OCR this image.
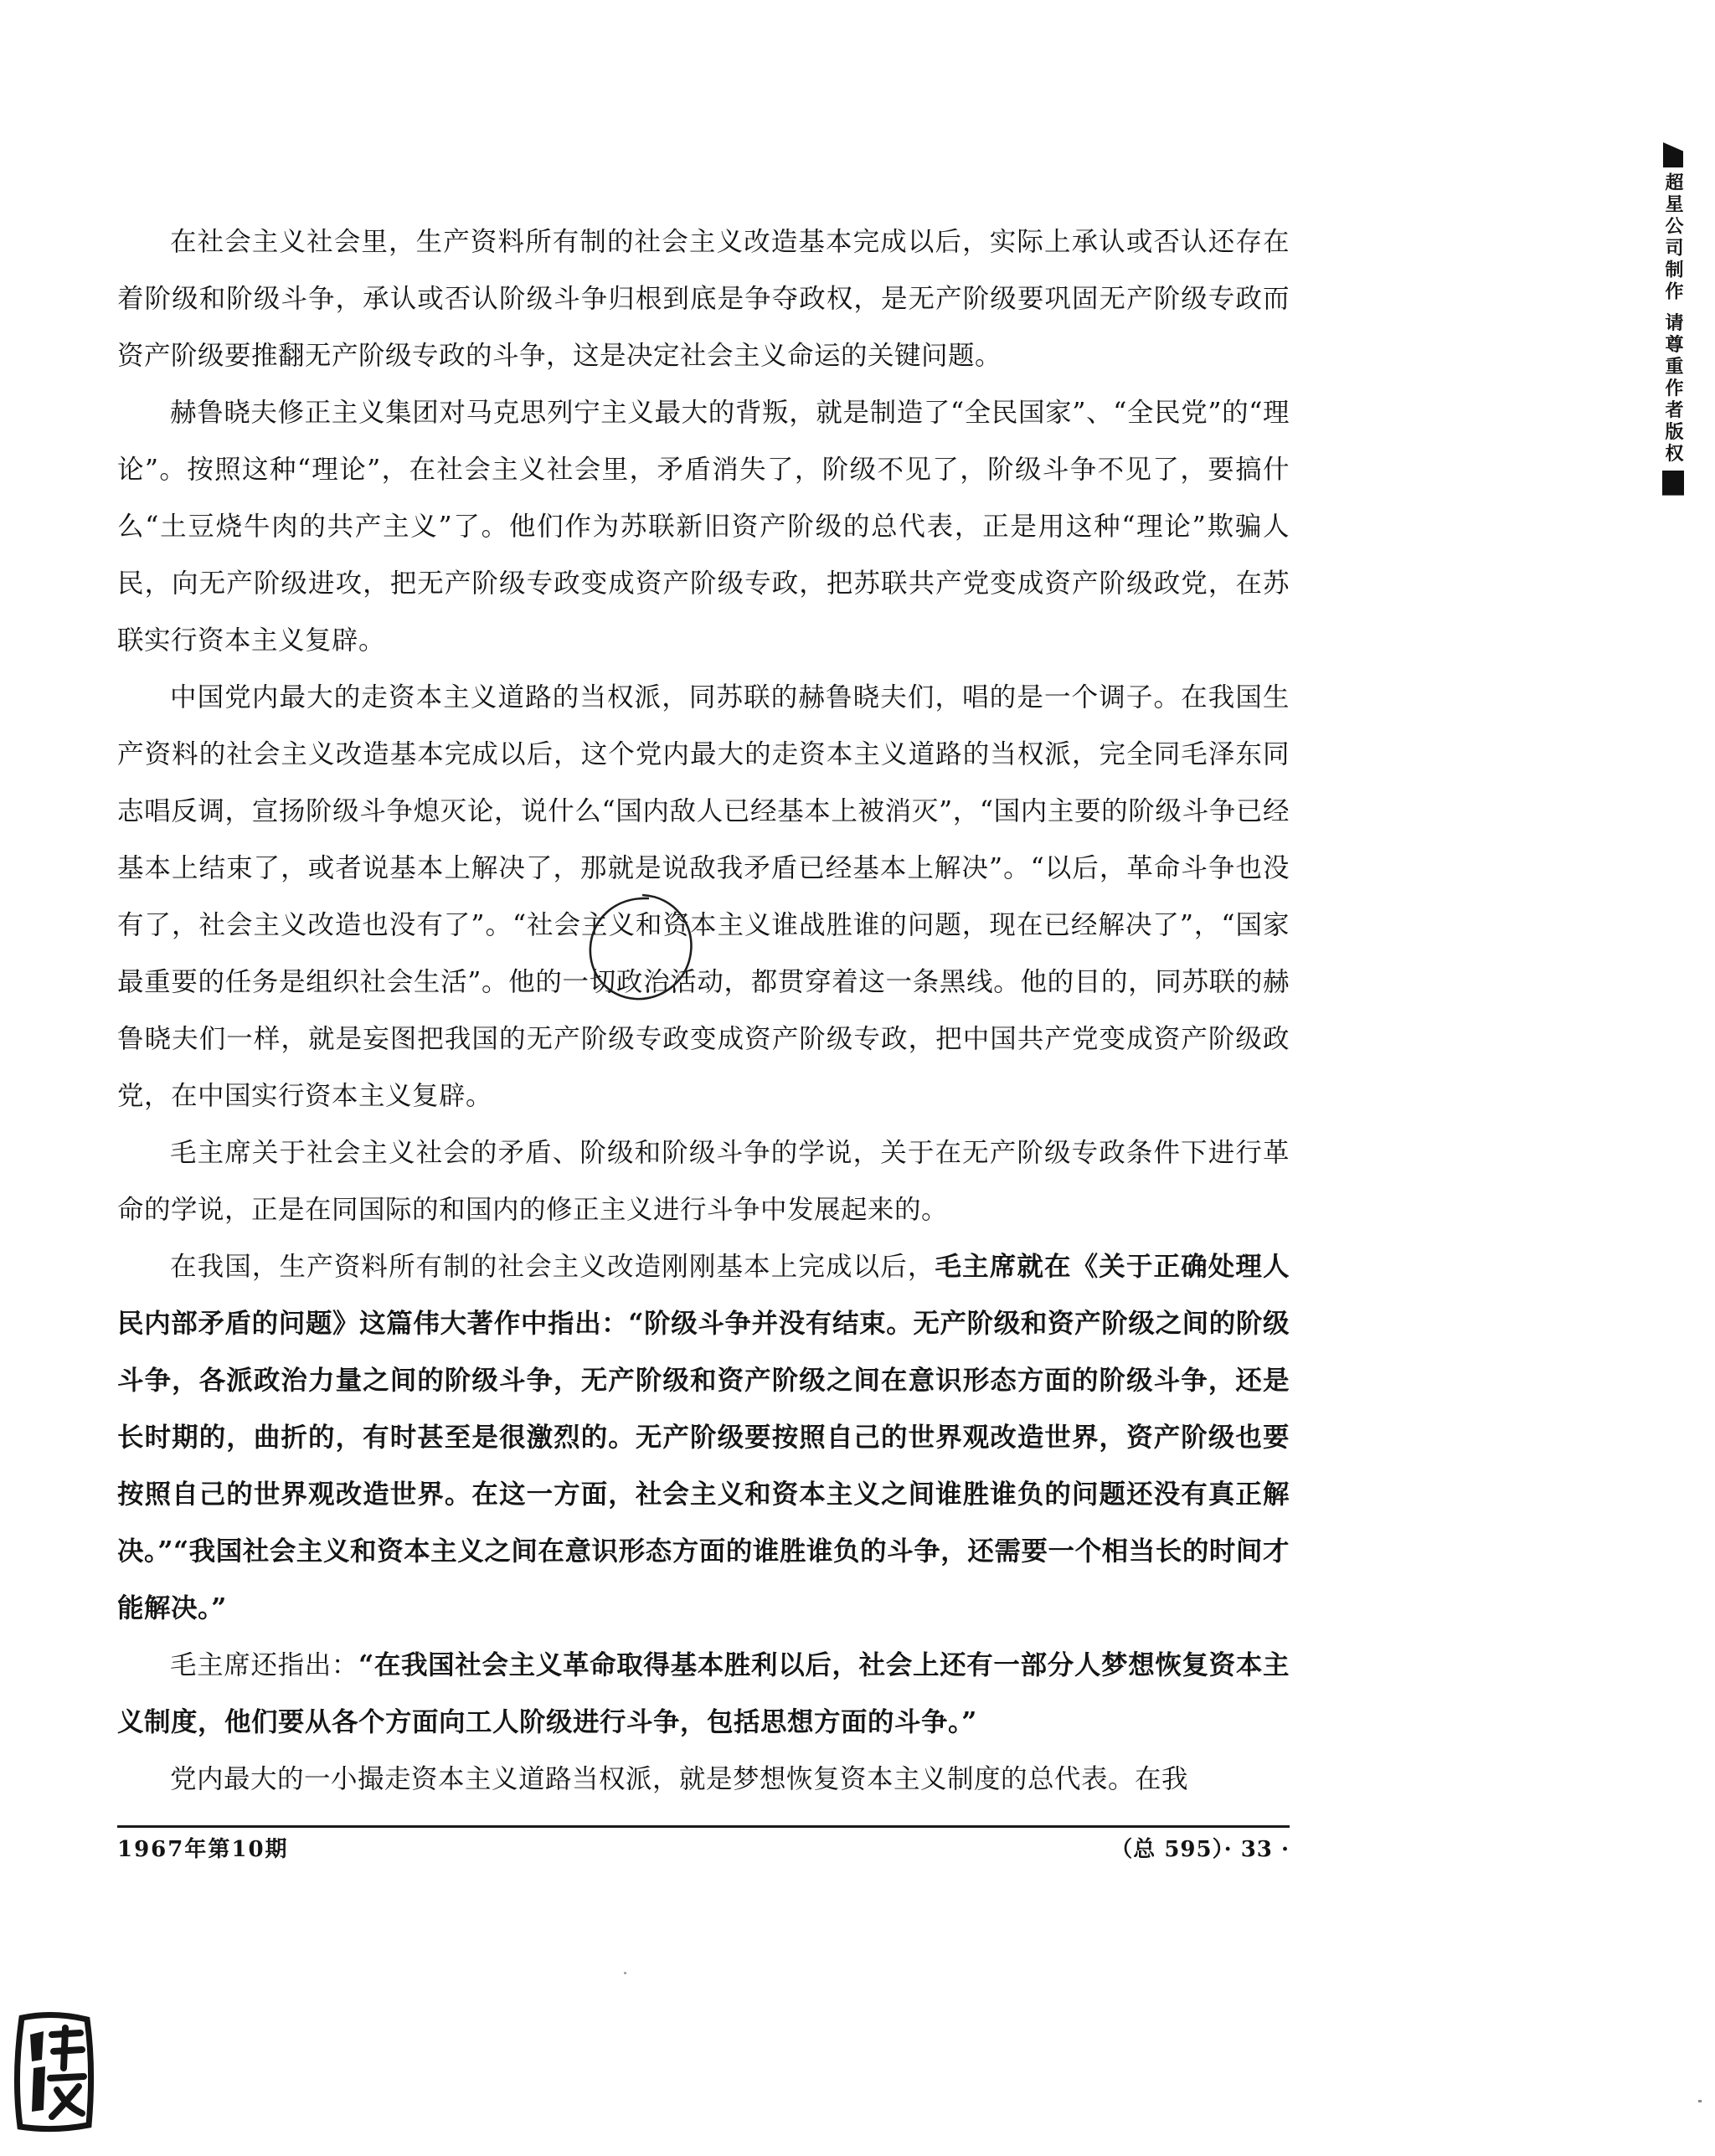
超星公司制作 请尊重作者版权

在社会主义社会里，生产资料所有制的社会主义改造基本完成以后，实际上承认或否认还存在着阶级和阶级斗争，承认或否认阶级斗争归根到底是争夺政权，是无产阶级要巩固无产阶级专政而资产阶级要推翻无产阶级专政的斗争，这是决定社会主义命运的关键问题。

赫鲁晓夫修正主义集团对马克思列宁主义最大的背叛，就是制造了“全民国家”、“全民党”的“理论”。按照这种“理论”，在社会主义社会里，矛盾消失了，阶级不见了，阶级斗争不见了，要搞什么“土豆烧牛肉的共产主义”了。他们作为苏联新旧资产阶级的总代表，正是用这种“理论”欺骗人民，向无产阶级进攻，把无产阶级专政变成资产阶级专政，把苏联共产党变成资产阶级政党，在苏联实行资本主义复辟。

中国党内最大的走资本主义道路的当权派，同苏联的赫鲁晓夫们，唱的是一个调子。在我国生产资料的社会主义改造基本完成以后，这个党内最大的走资本主义道路的当权派，完全同毛泽东同志唱反调，宣扬阶级斗争熄灭论，说什么“国内敌人已经基本上被消灭”，“国内主要的阶级斗争已经基本上结束了，或者说基本上解决了，那就是说敌我矛盾已经基本上解决”。“以后，革命斗争也没有了，社会主义改造也没有了”。“社会主义和资本主义谁战胜谁的问题，现在已经解决了”，“国家最重要的任务是组织社会生活”。他的一切政治活动，都贯穿着这一条黑线。他的目的，同苏联的赫鲁晓夫们一样，就是妄图把我国的无产阶级专政变成资产阶级专政，把中国共产党变成资产阶级政党，在中国实行资本主义复辟。

毛主席关于社会主义社会的矛盾、阶级和阶级斗争的学说，关于在无产阶级专政条件下进行革命的学说，正是在同国际的和国内的修正主义进行斗争中发展起来的。

在我国，生产资料所有制的社会主义改造刚刚基本上完成以后，毛主席就在《关于正确处理人民内部矛盾的问题》这篇伟大著作中指出：“阶级斗争并没有结束。无产阶级和资产阶级之间的阶级斗争，各派政治力量之间的阶级斗争，无产阶级和资产阶级之间在意识形态方面的阶级斗争，还是长时期的，曲折的，有时甚至是很激烈的。无产阶级要按照自己的世界观改造世界，资产阶级也要按照自己的世界观改造世界。在这一方面，社会主义和资本主义之间谁胜谁负的问题还没有真正解决。”“我国社会主义和资本主义之间在意识形态方面的谁胜谁负的斗争，还需要一个相当长的时间才能解决。”

毛主席还指出：“在我国社会主义革命取得基本胜利以后，社会上还有一部分人梦想恢复资本主义制度，他们要从各个方面向工人阶级进行斗争，包括思想方面的斗争。”

党内最大的一小撮走资本主义道路当权派，就是梦想恢复资本主义制度的总代表。在我

1967年第10期	（总 595）· 33 ·
